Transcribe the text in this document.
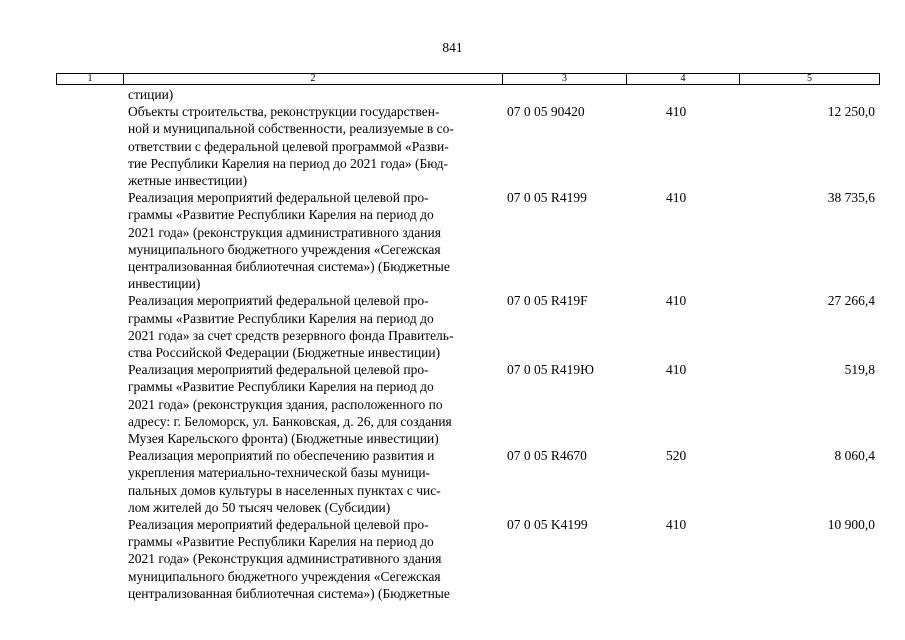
841
1	2	3	4	5
стиции)
Объекты строительства, реконструкции государствен-
ной и муниципальной собственности, реализуемые в со-
ответствии с федеральной целевой программой «Разви-
тие Республики Карелия на период до 2021 года» (Бюд-
жетные инвестиции)
07 0 05 90420	410	12 250,0
Реализация мероприятий федеральной целевой про-
граммы «Развитие Республики Карелия на период до
2021 года» (реконструкция административного здания
муниципального бюджетного учреждения «Сегежская
централизованная библиотечная система») (Бюджетные
инвестиции)
07 0 05 R4199	410	38 735,6
Реализация мероприятий федеральной целевой про-
граммы «Развитие Республики Карелия на период до
2021 года» за счет средств резервного фонда Правитель-
ства Российской Федерации (Бюджетные инвестиции)
07 0 05 R419F	410	27 266,4
Реализация мероприятий федеральной целевой про-
граммы «Развитие Республики Карелия на период до
2021 года» (реконструкция здания, расположенного по
адресу: г. Беломорск, ул. Банковская, д. 26, для создания
Музея Карельского фронта) (Бюджетные инвестиции)
07 0 05 R419Ю	410	519,8
Реализация мероприятий по обеспечению развития и
укрепления материально-технической базы муници-
пальных домов культуры в населенных пунктах с чис-
лом жителей до 50 тысяч человек (Субсидии)
07 0 05 R4670	520	8 060,4
Реализация мероприятий федеральной целевой про-
граммы «Развитие Республики Карелия на период до
2021 года» (Реконструкция административного здания
муниципального бюджетного учреждения «Сегежская
централизованная библиотечная система») (Бюджетные
07 0 05 K4199	410	10 900,0
